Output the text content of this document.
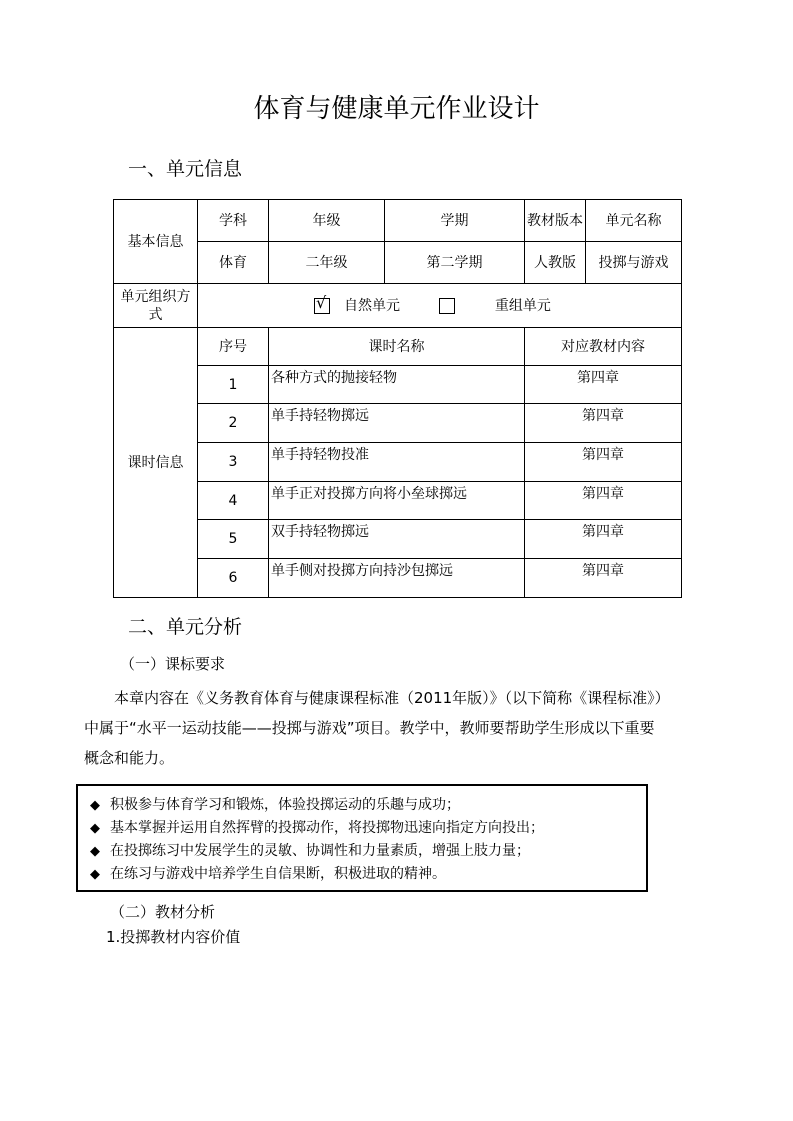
体育与健康单元作业设计
一、单元信息
基本信息	学科	年级	学期	教材版本	单元名称
	体育	二年级	第二学期	人教版	投掷与游戏
单元组织方式	√ 自然单元 重组单元				
课时信息	序号	课时名称		对应教材内容	
	1	各种方式的抛接轻物		第四章	
	2	单手持轻物掷远		第四章	
	3	单手持轻物投准		第四章	
	4	单手正对投掷方向将小垒球掷远		第四章	
	5	双手持轻物掷远		第四章	
	6	单手侧对投掷方向持沙包掷远		第四章	
二、单元分析
（一）课标要求
本章内容在《义务教育体育与健康课程标准（2011年版）》（以下简称《课程标准》）
中属于“水平一运动技能——投掷与游戏”项目。教学中，教师要帮助学生形成以下重要
概念和能力。
◆ 积极参与体育学习和锻炼，体验投掷运动的乐趣与成功；
◆ 基本掌握并运用自然挥臂的投掷动作，将投掷物迅速向指定方向投出；
◆ 在投掷练习中发展学生的灵敏、协调性和力量素质，增强上肢力量；
◆ 在练习与游戏中培养学生自信果断，积极进取的精神。
（二）教材分析
1.投掷教材内容价值
